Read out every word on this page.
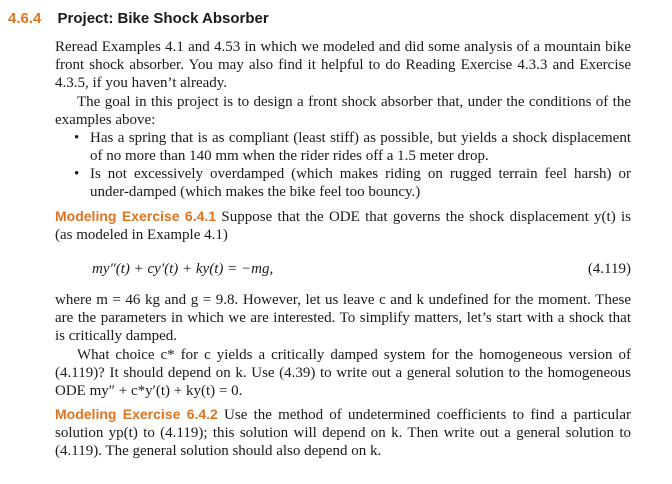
4.6.4 Project: Bike Shock Absorber

Reread Examples 4.1 and 4.53 in which we modeled and did some analysis of a mountain bike front shock absorber. You may also find it helpful to do Reading Exercise 4.3.3 and Exercise 4.3.5, if you haven’t already.

The goal in this project is to design a front shock absorber that, under the conditions of the examples above:

• Has a spring that is as compliant (least stiff) as possible, but yields a shock displacement of no more than 140 mm when the rider rides off a 1.5 meter drop.
• Is not excessively overdamped (which makes riding on rugged terrain feel harsh) or under-damped (which makes the bike feel too bouncy.)

Modeling Exercise 6.4.1 Suppose that the ODE that governs the shock displacement y(t) is (as modeled in Example 4.1)

my″(t) + cy′(t) + ky(t) = −mg,	(4.119)

where m = 46 kg and g = 9.8. However, let us leave c and k undefined for the moment. These are the parameters in which we are interested. To simplify matters, let’s start with a shock that is critically damped.

What choice c* for c yields a critically damped system for the homogeneous version of (4.119)? It should depend on k. Use (4.39) to write out a general solution to the homogeneous ODE my″ + c*y′(t) + ky(t) = 0.

Modeling Exercise 6.4.2 Use the method of undetermined coefficients to find a particular solution yp(t) to (4.119); this solution will depend on k. Then write out a general solution to (4.119). The general solution should also depend on k.
